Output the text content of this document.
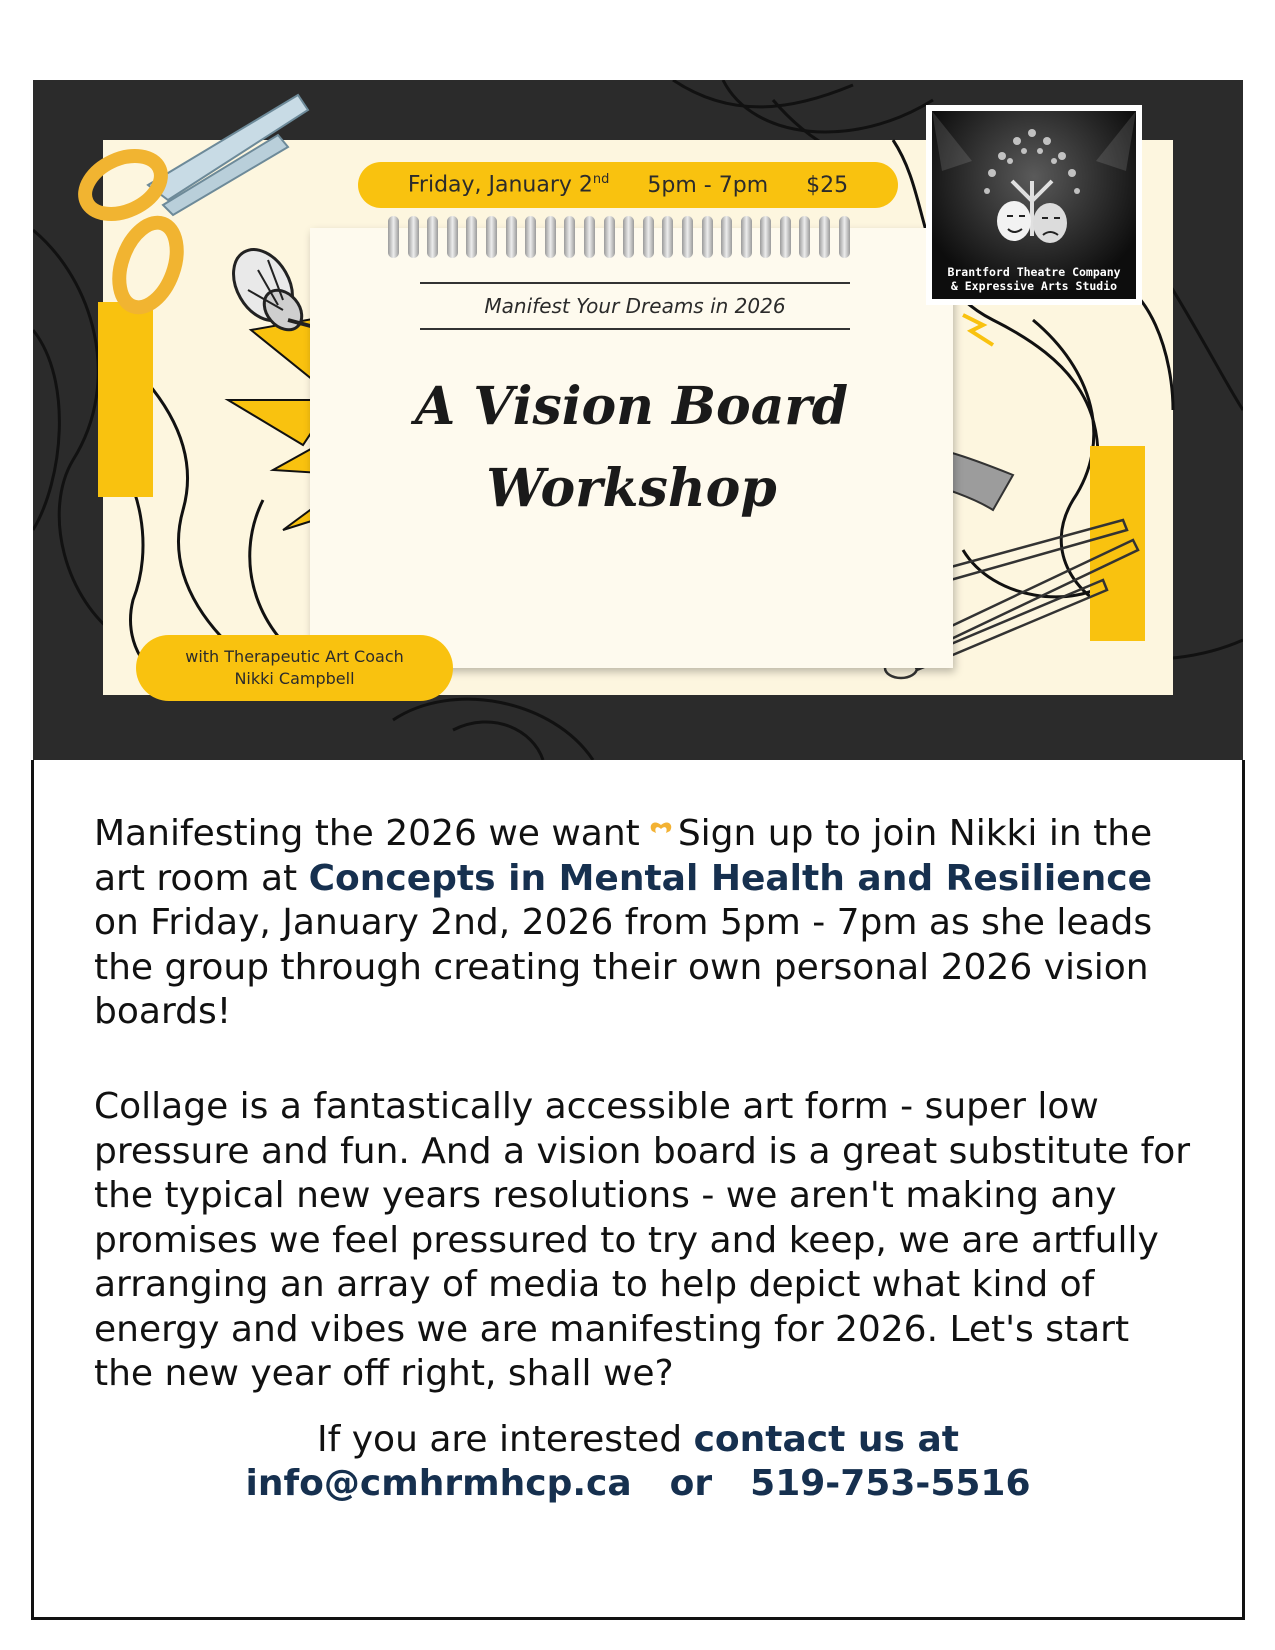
Friday, January 2nd 5pm - 7pm $25
Manifest Your Dreams in 2026
A Vision Board
Workshop
with Therapeutic Art Coach
Nikki Campbell
Brantford Theatre Company
& Expressive Arts Studio

Manifesting the 2026 we want Sign up to join Nikki in the art room at Concepts in Mental Health and Resilience on Friday, January 2nd, 2026 from 5pm - 7pm as she leads the group through creating their own personal 2026 vision boards!

Collage is a fantastically accessible art form - super low pressure and fun. And a vision board is a great substitute for the typical new years resolutions - we aren't making any promises we feel pressured to try and keep, we are artfully arranging an array of media to help depict what kind of energy and vibes we are manifesting for 2026. Let's start the new year off right, shall we?

If you are interested contact us at
info@cmhrmhcp.ca or 519-753-5516
